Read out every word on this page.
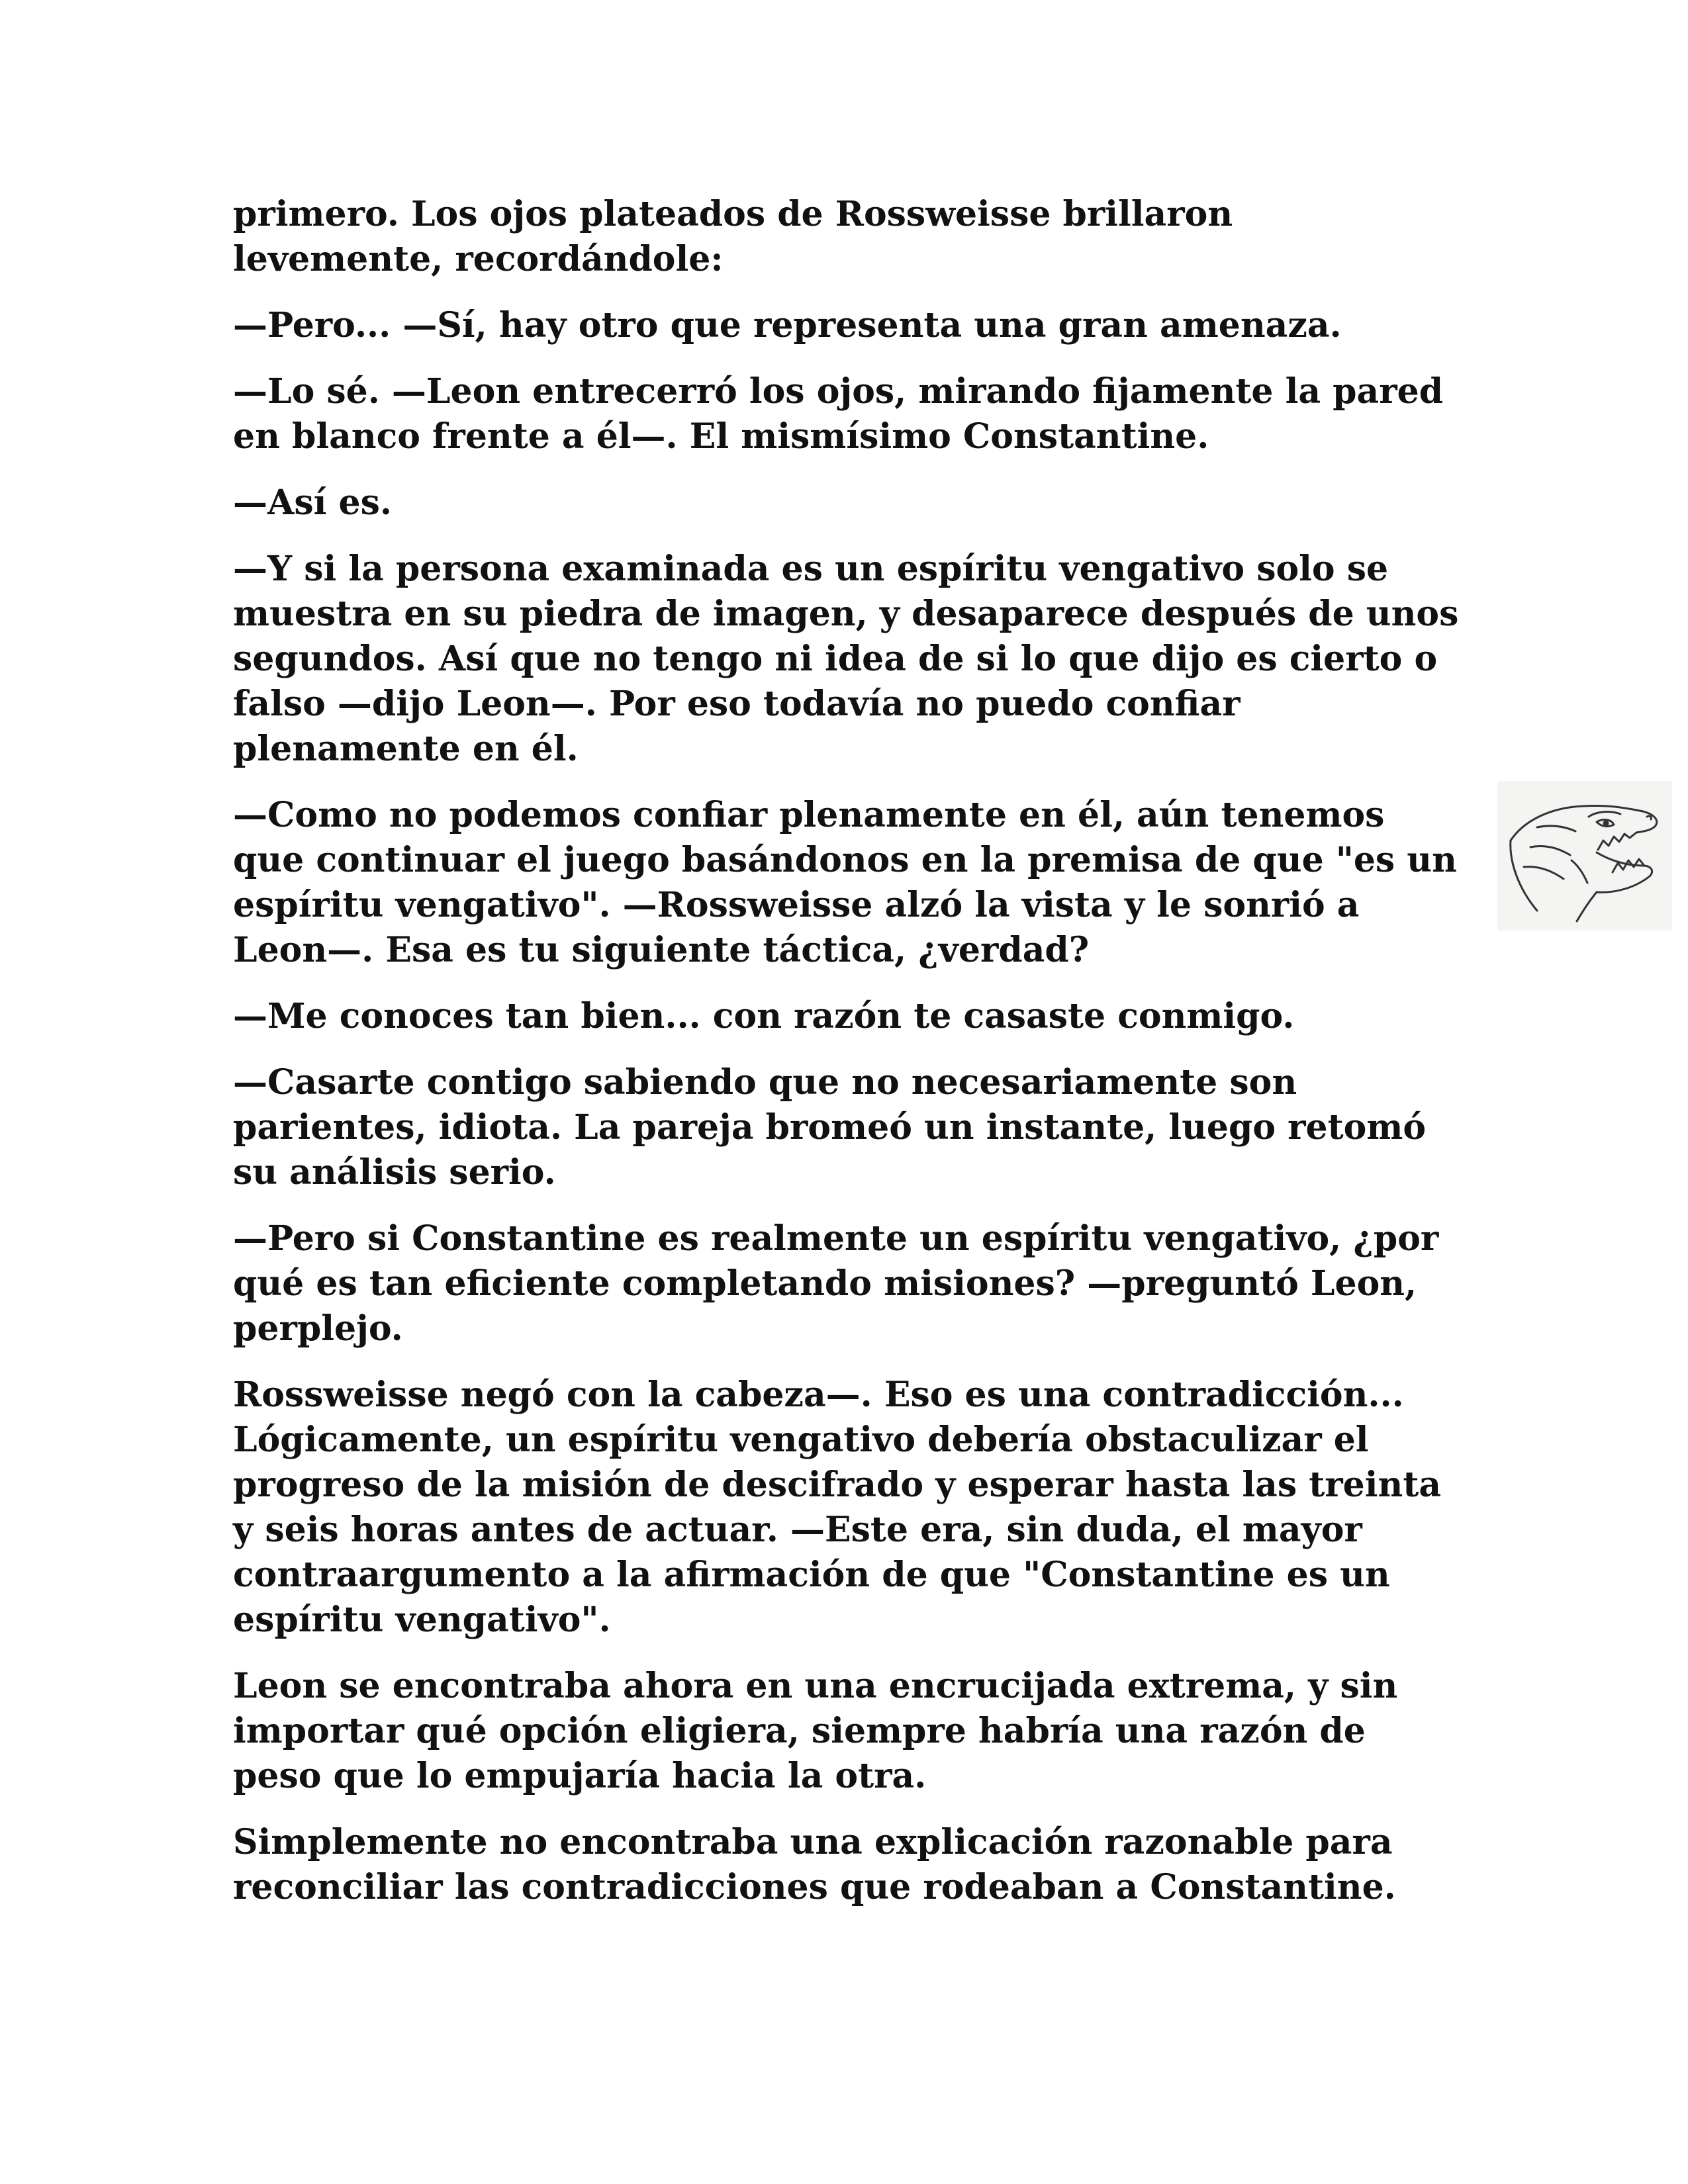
primero. Los ojos plateados de Rossweisse brillaron
levemente, recordándole:

—Pero... —Sí, hay otro que representa una gran amenaza.

—Lo sé. —Leon entrecerró los ojos, mirando fijamente la pared
en blanco frente a él—. El mismísimo Constantine.

—Así es.

—Y si la persona examinada es un espíritu vengativo solo se
muestra en su piedra de imagen, y desaparece después de unos
segundos. Así que no tengo ni idea de si lo que dijo es cierto o
falso —dijo Leon—. Por eso todavía no puedo confiar
plenamente en él.

—Como no podemos confiar plenamente en él, aún tenemos
que continuar el juego basándonos en la premisa de que "es un
espíritu vengativo". —Rossweisse alzó la vista y le sonrió a
Leon—. Esa es tu siguiente táctica, ¿verdad?

—Me conoces tan bien... con razón te casaste conmigo.

—Casarte contigo sabiendo que no necesariamente son
parientes, idiota. La pareja bromeó un instante, luego retomó
su análisis serio.

—Pero si Constantine es realmente un espíritu vengativo, ¿por
qué es tan eficiente completando misiones? —preguntó Leon,
perplejo.

Rossweisse negó con la cabeza—. Eso es una contradicción...
Lógicamente, un espíritu vengativo debería obstaculizar el
progreso de la misión de descifrado y esperar hasta las treinta
y seis horas antes de actuar. —Este era, sin duda, el mayor
contraargumento a la afirmación de que "Constantine es un
espíritu vengativo".

Leon se encontraba ahora en una encrucijada extrema, y sin
importar qué opción eligiera, siempre habría una razón de
peso que lo empujaría hacia la otra.

Simplemente no encontraba una explicación razonable para
reconciliar las contradicciones que rodeaban a Constantine.
